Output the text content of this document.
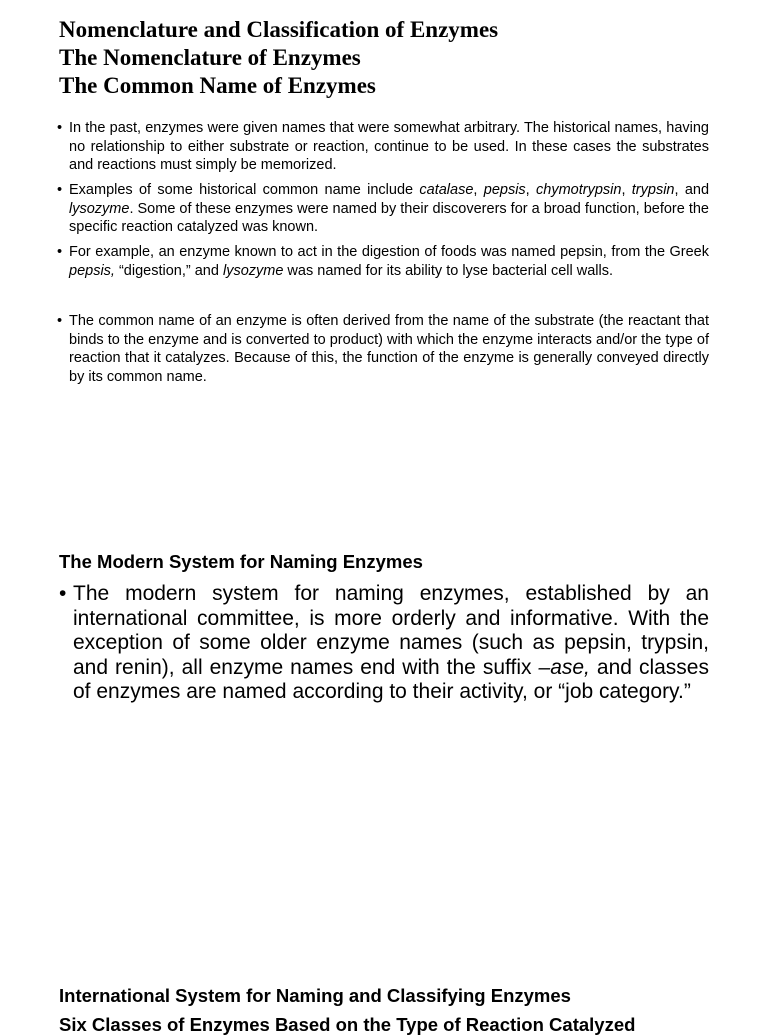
Nomenclature and Classification of Enzymes
The Nomenclature of Enzymes
The Common Name of Enzymes

• In the past, enzymes were given names that were somewhat arbitrary. The historical names, having no relationship to either substrate or reaction, continue to be used. In these cases the substrates and reactions must simply be memorized.

• Examples of some historical common name include catalase, pepsis, chymotrypsin, trypsin, and lysozyme. Some of these enzymes were named by their discoverers for a broad function, before the specific reaction catalyzed was known.

• For example, an enzyme known to act in the digestion of foods was named pepsin, from the Greek pepsis, “digestion,” and lysozyme was named for its ability to lyse bacterial cell walls.

• The common name of an enzyme is often derived from the name of the substrate (the reactant that binds to the enzyme and is converted to product) with which the enzyme interacts and/or the type of reaction that it catalyzes. Because of this, the function of the enzyme is generally conveyed directly by its common name.

The Modern System for Naming Enzymes

• The modern system for naming enzymes, established by an international committee, is more orderly and informative. With the exception of some older enzyme names (such as pepsin, trypsin, and renin), all enzyme names end with the suffix –ase, and classes of enzymes are named according to their activity, or “job category.”

International System for Naming and Classifying Enzymes
Six Classes of Enzymes Based on the Type of Reaction Catalyzed
